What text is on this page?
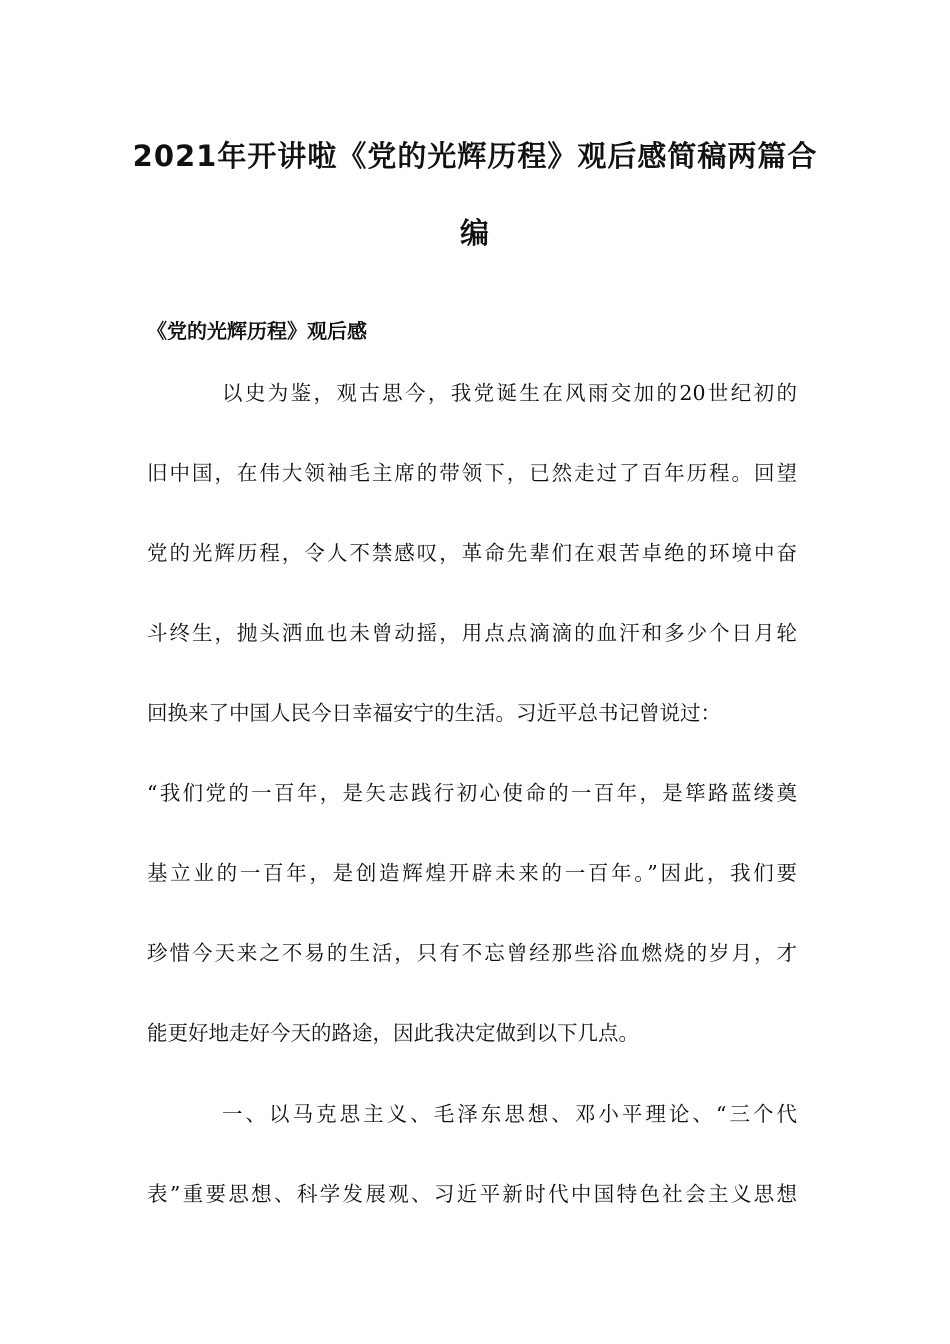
2021年开讲啦《党的光辉历程》观后感简稿两篇合
编
《党的光辉历程》观后感
以史为鉴，观古思今，我党诞生在风雨交加的20世纪初的
旧中国，在伟大领袖毛主席的带领下，已然走过了百年历程。回望
党的光辉历程，令人不禁感叹，革命先辈们在艰苦卓绝的环境中奋
斗终生，抛头洒血也未曾动摇，用点点滴滴的血汗和多少个日月轮
回换来了中国人民今日幸福安宁的生活。习近平总书记曾说过：
“我们党的一百年，是矢志践行初心使命的一百年，是筚路蓝缕奠
基立业的一百年，是创造辉煌开辟未来的一百年。”因此，我们要
珍惜今天来之不易的生活，只有不忘曾经那些浴血燃烧的岁月，才
能更好地走好今天的路途，因此我决定做到以下几点。
一、以马克思主义、毛泽东思想、邓小平理论、“三个代
表”重要思想、科学发展观、习近平新时代中国特色社会主义思想
